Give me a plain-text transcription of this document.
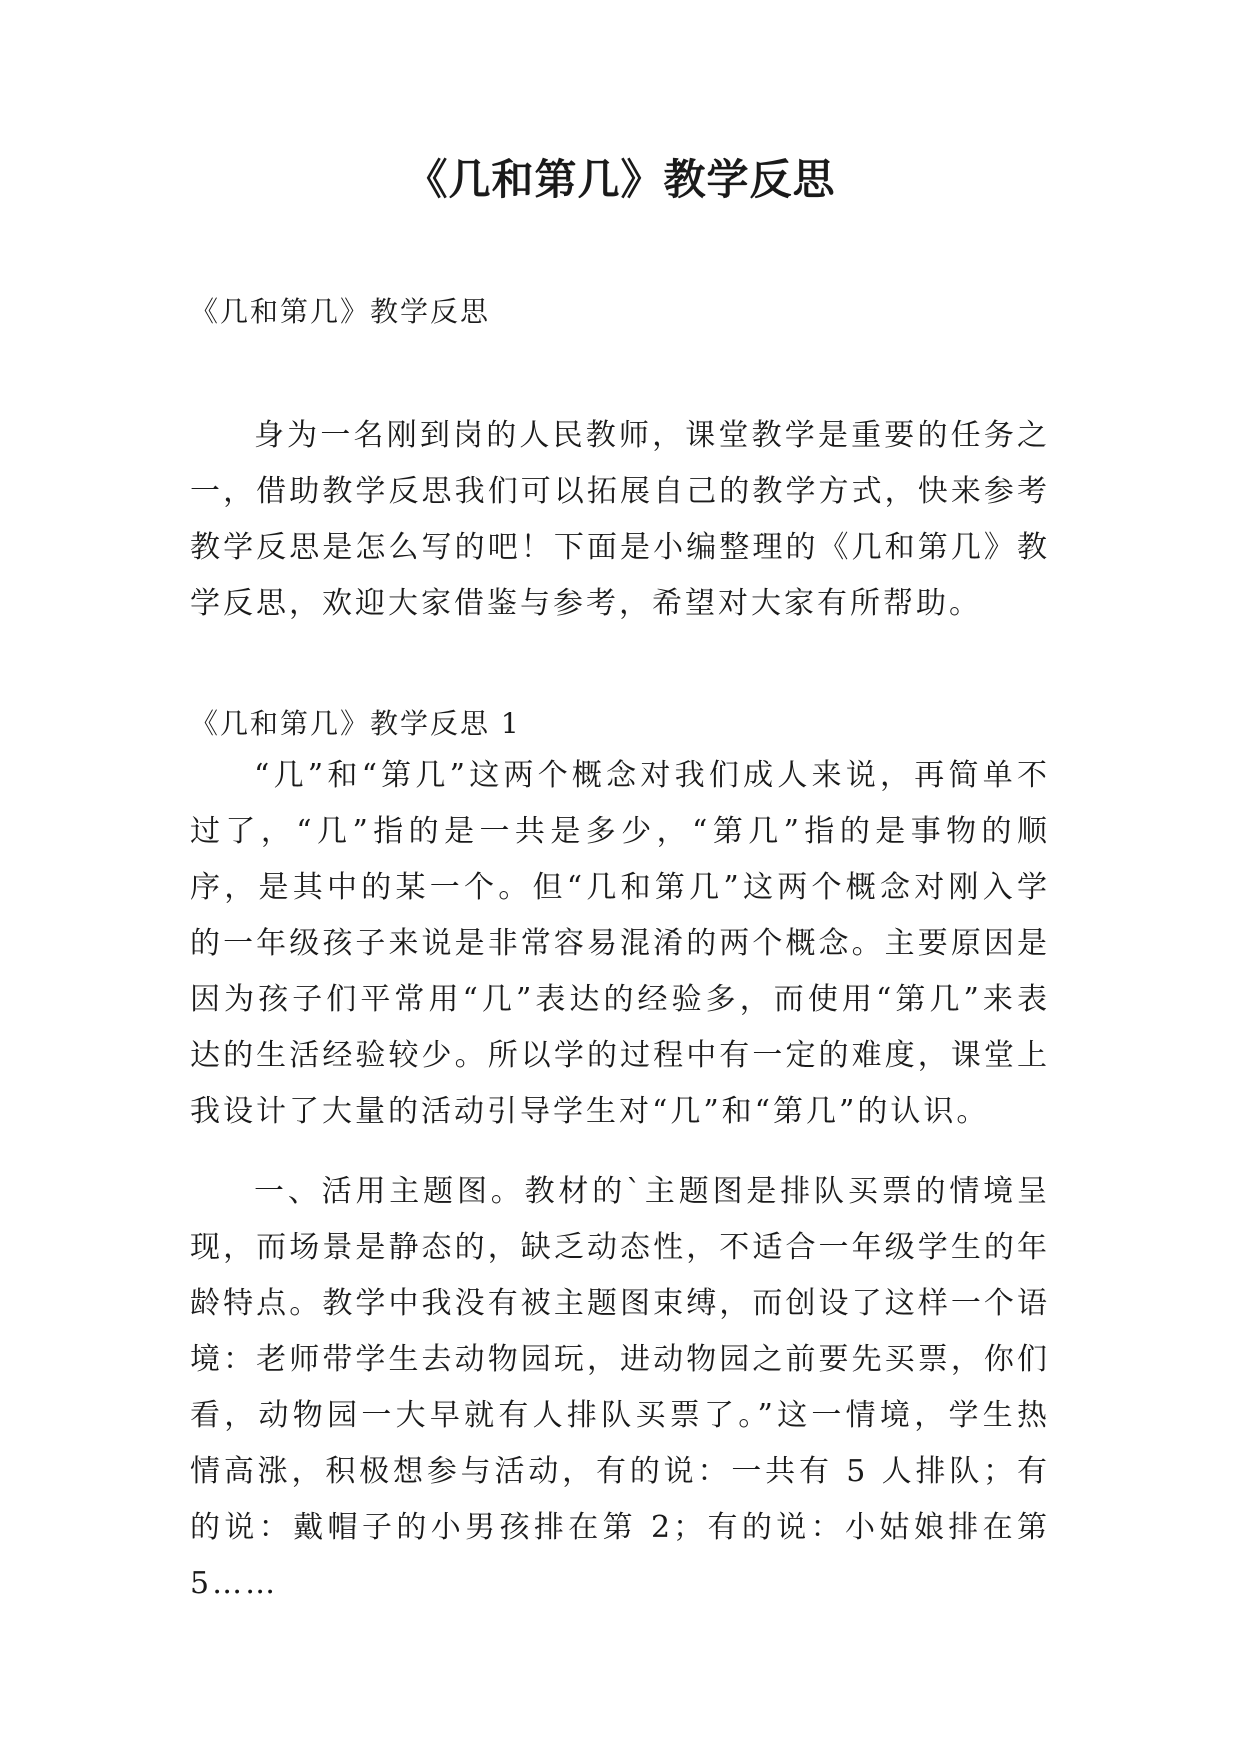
《几和第几》教学反思

《几和第几》教学反思

身为一名刚到岗的人民教师，课堂教学是重要的任务之一，借助教学反思我们可以拓展自己的教学方式，快来参考教学反思是怎么写的吧！下面是小编整理的《几和第几》教学反思，欢迎大家借鉴与参考，希望对大家有所帮助。

《几和第几》教学反思 1

“几”和“第几”这两个概念对我们成人来说，再简单不过了，“几”指的是一共是多少，“第几”指的是事物的顺序，是其中的某一个。但“几和第几”这两个概念对刚入学的一年级孩子来说是非常容易混淆的两个概念。主要原因是因为孩子们平常用“几”表达的经验多，而使用“第几”来表达的生活经验较少。所以学的过程中有一定的难度，课堂上我设计了大量的活动引导学生对“几”和“第几”的认识。

一、活用主题图。教材的`主题图是排队买票的情境呈现，而场景是静态的，缺乏动态性，不适合一年级学生的年龄特点。教学中我没有被主题图束缚，而创设了这样一个语境：老师带学生去动物园玩，进动物园之前要先买票，你们看，动物园一大早就有人排队买票了。”这一情境，学生热情高涨，积极想参与活动，有的说：一共有 5 人排队；有的说：戴帽子的小男孩排在第 2；有的说：小姑娘排在第 5……
